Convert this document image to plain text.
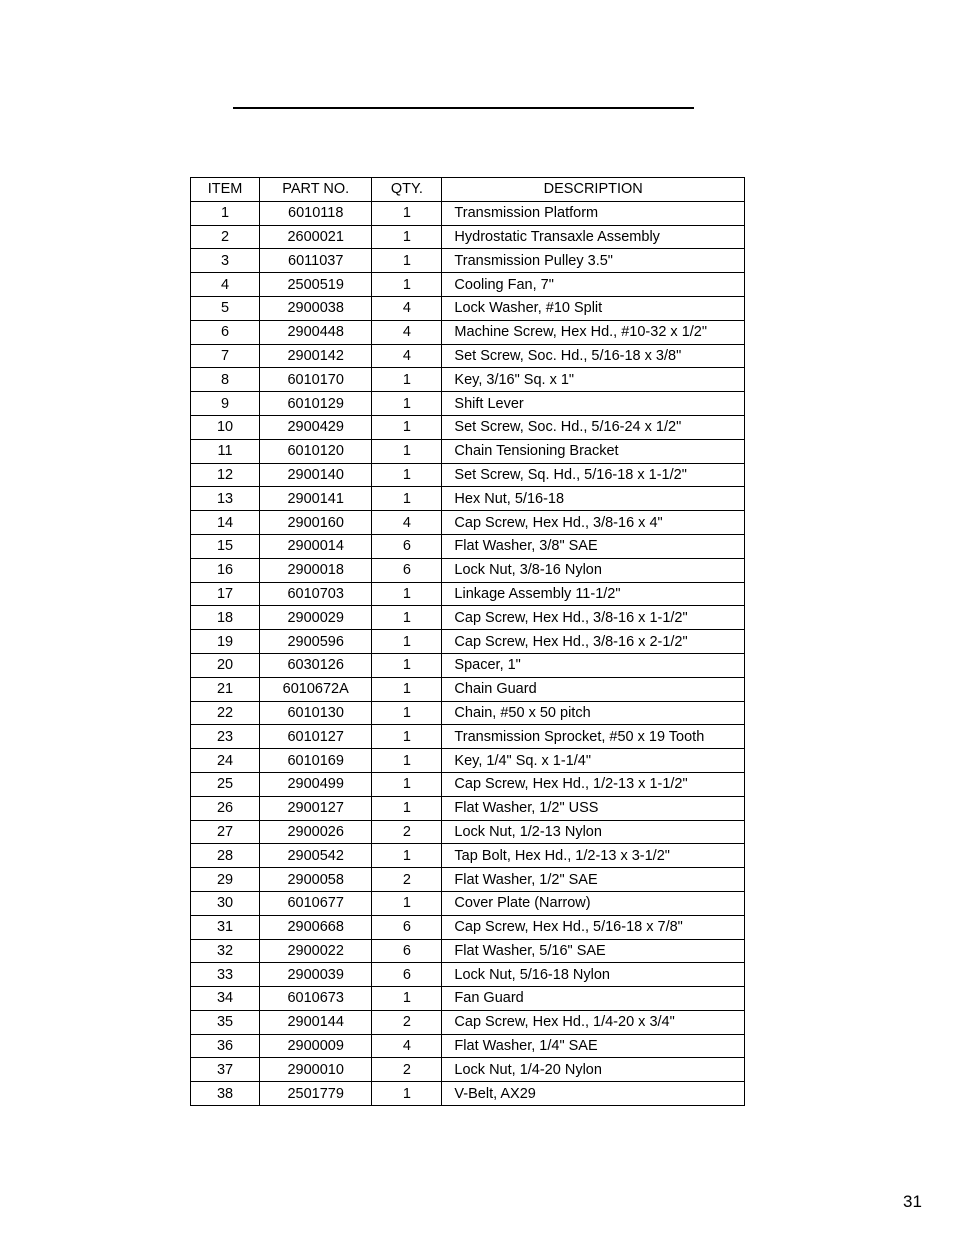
ITEM	PART NO.	QTY.	DESCRIPTION
1	6010118	1	Transmission Platform
2	2600021	1	Hydrostatic Transaxle Assembly
3	6011037	1	Transmission Pulley 3.5"
4	2500519	1	Cooling Fan, 7"
5	2900038	4	Lock Washer, #10 Split
6	2900448	4	Machine Screw, Hex Hd., #10-32 x 1/2"
7	2900142	4	Set Screw, Soc. Hd., 5/16-18 x 3/8"
8	6010170	1	Key, 3/16" Sq. x 1"
9	6010129	1	Shift Lever
10	2900429	1	Set Screw, Soc. Hd., 5/16-24 x 1/2"
11	6010120	1	Chain Tensioning Bracket
12	2900140	1	Set Screw, Sq. Hd., 5/16-18 x 1-1/2"
13	2900141	1	Hex Nut, 5/16-18
14	2900160	4	Cap Screw, Hex Hd., 3/8-16 x 4"
15	2900014	6	Flat Washer, 3/8" SAE
16	2900018	6	Lock Nut, 3/8-16 Nylon
17	6010703	1	Linkage Assembly 11-1/2"
18	2900029	1	Cap Screw, Hex Hd., 3/8-16 x 1-1/2"
19	2900596	1	Cap Screw, Hex Hd., 3/8-16 x 2-1/2"
20	6030126	1	Spacer, 1"
21	6010672A	1	Chain Guard
22	6010130	1	Chain, #50 x 50 pitch
23	6010127	1	Transmission Sprocket, #50 x 19 Tooth
24	6010169	1	Key, 1/4" Sq. x 1-1/4"
25	2900499	1	Cap Screw, Hex Hd., 1/2-13 x 1-1/2"
26	2900127	1	Flat Washer, 1/2" USS
27	2900026	2	Lock Nut, 1/2-13 Nylon
28	2900542	1	Tap Bolt, Hex Hd., 1/2-13 x 3-1/2"
29	2900058	2	Flat Washer, 1/2" SAE
30	6010677	1	Cover Plate (Narrow)
31	2900668	6	Cap Screw, Hex Hd., 5/16-18 x 7/8"
32	2900022	6	Flat Washer, 5/16" SAE
33	2900039	6	Lock Nut, 5/16-18 Nylon
34	6010673	1	Fan Guard
35	2900144	2	Cap Screw, Hex Hd., 1/4-20 x 3/4"
36	2900009	4	Flat Washer, 1/4" SAE
37	2900010	2	Lock Nut, 1/4-20 Nylon
38	2501779	1	V-Belt, AX29
31
